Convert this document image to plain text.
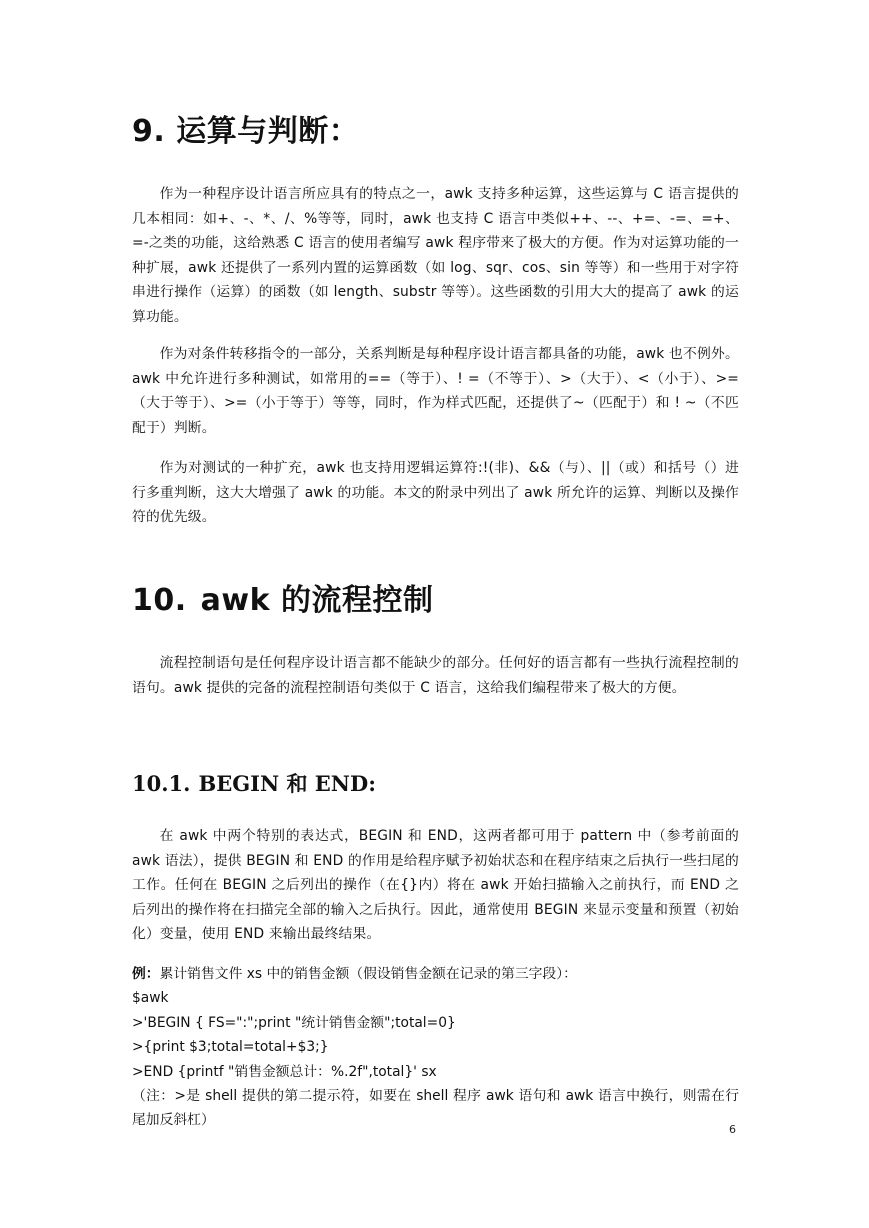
9. 运算与判断：

作为一种程序设计语言所应具有的特点之一，awk 支持多种运算，这些运算与 C 语言提供的几本相同：如+、-、*、/、%等等，同时，awk 也支持 C 语言中类似++、--、+=、-=、=+、=-之类的功能，这给熟悉 C 语言的使用者编写 awk 程序带来了极大的方便。作为对运算功能的一种扩展，awk 还提供了一系列内置的运算函数（如 log、sqr、cos、sin 等等）和一些用于对字符串进行操作（运算）的函数（如 length、substr 等等）。这些函数的引用大大的提高了 awk 的运算功能。

作为对条件转移指令的一部分，关系判断是每种程序设计语言都具备的功能，awk 也不例外。awk 中允许进行多种测试，如常用的==（等于）、! =（不等于）、>（大于）、<（小于）、>=（大于等于）、>=（小于等于）等等，同时，作为样式匹配，还提供了~（匹配于）和 ! ~（不匹配于）判断。

作为对测试的一种扩充，awk 也支持用逻辑运算符:!(非)、&&（与）、||（或）和括号（）进行多重判断，这大大增强了 awk 的功能。本文的附录中列出了 awk 所允许的运算、判断以及操作符的优先级。

10. awk 的流程控制

流程控制语句是任何程序设计语言都不能缺少的部分。任何好的语言都有一些执行流程控制的语句。awk 提供的完备的流程控制语句类似于 C 语言，这给我们编程带来了极大的方便。

10.1. BEGIN 和 END:

在 awk 中两个特别的表达式，BEGIN 和 END，这两者都可用于 pattern 中（参考前面的 awk 语法），提供 BEGIN 和 END 的作用是给程序赋予初始状态和在程序结束之后执行一些扫尾的工作。任何在 BEGIN 之后列出的操作（在{}内）将在 awk 开始扫描输入之前执行，而 END 之后列出的操作将在扫描完全部的输入之后执行。因此，通常使用 BEGIN 来显示变量和预置（初始化）变量，使用 END 来输出最终结果。

例：累计销售文件 xs 中的销售金额（假设销售金额在记录的第三字段）：
$awk
>'BEGIN { FS=":";print "统计销售金额";total=0}
>{print $3;total=total+$3;}
>END {printf "销售金额总计：%.2f",total}' sx
（注：>是 shell 提供的第二提示符，如要在 shell 程序 awk 语句和 awk 语言中换行，则需在行尾加反斜杠）
6
